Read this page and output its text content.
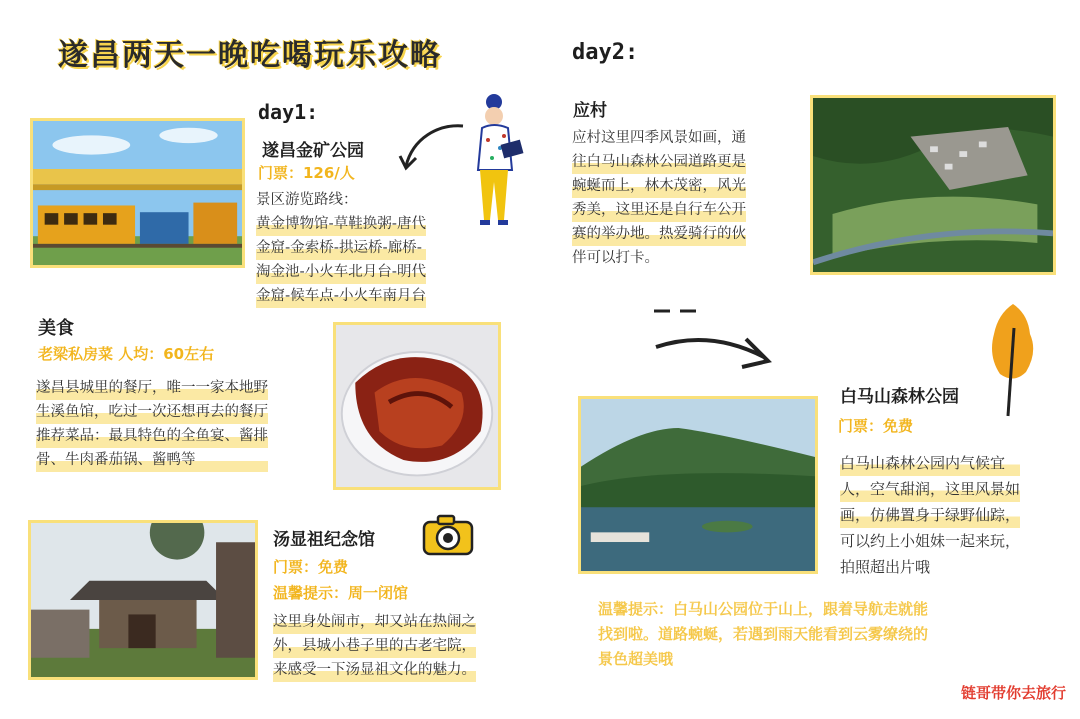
遂昌两天一晚吃喝玩乐攻略
day1:
遂昌金矿公园
门票：126/人
景区游览路线：
黄金博物馆-草鞋换粥-唐代
金窟-金索桥-拱运桥-廊桥-
淘金池-小火车北月台-明代
金窟-候车点-小火车南月台
美食
老梁私房菜 人均：60左右
遂昌县城里的餐厅，唯一一家本地野
生溪鱼馆，吃过一次还想再去的餐厅
推荐菜品：最具特色的全鱼宴、酱排
骨、牛肉番茄锅、酱鸭等
汤显祖纪念馆
门票：免费
温馨提示：周一闭馆
这里身处闹市，却又站在热闹之
外，县城小巷子里的古老宅院，
来感受一下汤显祖文化的魅力。
day2:
应村
应村这里四季风景如画，通
往白马山森林公园道路更是
蜿蜒而上，林木茂密，风光
秀美，这里还是自行车公开
赛的举办地。热爱骑行的伙
伴可以打卡。
白马山森林公园
门票：免费
白马山森林公园内气候宜
人，空气甜润，这里风景如
画，仿佛置身于绿野仙踪，
可以约上小姐妹一起来玩，
拍照超出片哦
温馨提示：白马山公园位于山上，跟着导航走就能
找到啦。道路蜿蜒，若遇到雨天能看到云雾缭绕的
景色超美哦
链哥带你去旅行
